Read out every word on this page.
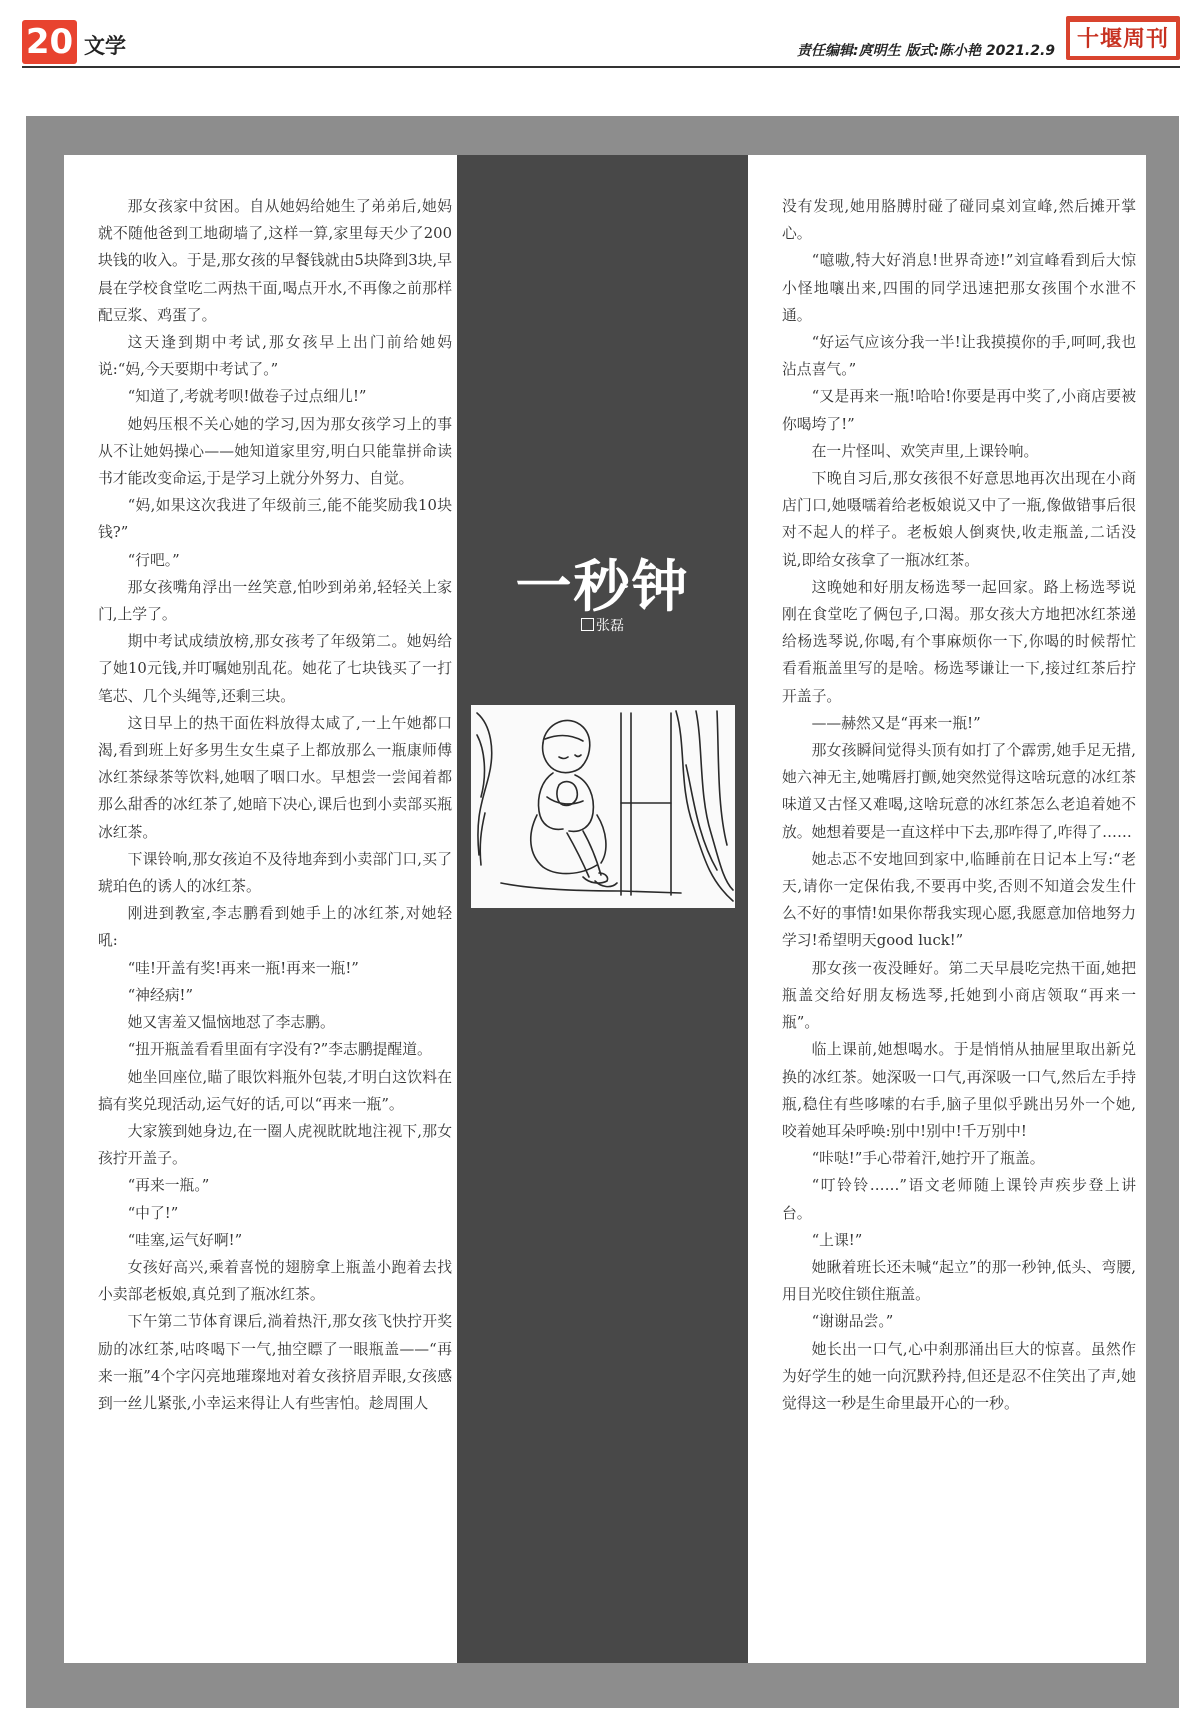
20 文学	责任编辑:庹明生 版式:陈小艳 2021.2.9 十堰周刊

那女孩家中贫困。自从她妈给她生了弟弟后,她妈就不随他爸到工地砌墙了,这样一算,家里每天少了200块钱的收入。于是,那女孩的早餐钱就由5块降到3块,早晨在学校食堂吃二两热干面,喝点开水,不再像之前那样配豆浆、鸡蛋了。

这天逢到期中考试,那女孩早上出门前给她妈说:“妈,今天要期中考试了。”

“知道了,考就考呗!做卷子过点细儿!”

她妈压根不关心她的学习,因为那女孩学习上的事从不让她妈操心——她知道家里穷,明白只能靠拼命读书才能改变命运,于是学习上就分外努力、自觉。

“妈,如果这次我进了年级前三,能不能奖励我10块钱?”

“行吧。”

那女孩嘴角浮出一丝笑意,怕吵到弟弟,轻轻关上家门,上学了。

期中考试成绩放榜,那女孩考了年级第二。她妈给了她10元钱,并叮嘱她别乱花。她花了七块钱买了一打笔芯、几个头绳等,还剩三块。

这日早上的热干面佐料放得太咸了,一上午她都口渴,看到班上好多男生女生桌子上都放那么一瓶康师傅冰红茶绿茶等饮料,她咽了咽口水。早想尝一尝闻着都那么甜香的冰红茶了,她暗下决心,课后也到小卖部买瓶冰红茶。

下课铃响,那女孩迫不及待地奔到小卖部门口,买了琥珀色的诱人的冰红茶。

刚进到教室,李志鹏看到她手上的冰红茶,对她轻吼:

“哇!开盖有奖!再来一瓶!再来一瓶!”

“神经病!”

她又害羞又愠恼地怼了李志鹏。

“扭开瓶盖看看里面有字没有?”李志鹏提醒道。

她坐回座位,瞄了眼饮料瓶外包装,才明白这饮料在搞有奖兑现活动,运气好的话,可以“再来一瓶”。

大家簇到她身边,在一圈人虎视眈眈地注视下,那女孩拧开盖子。

“再来一瓶。”

“中了!”

“哇塞,运气好啊!”

女孩好高兴,乘着喜悦的翅膀拿上瓶盖小跑着去找小卖部老板娘,真兑到了瓶冰红茶。

下午第二节体育课后,淌着热汗,那女孩飞快拧开奖励的冰红茶,咕咚喝下一气,抽空瞟了一眼瓶盖——“再来一瓶”4个字闪亮地璀璨地对着女孩挤眉弄眼,女孩感到一丝儿紧张,小幸运来得让人有些害怕。趁周围人

一秒钟
张磊

没有发现,她用胳膊肘碰了碰同桌刘宣峰,然后摊开掌心。

“噫嗷,特大好消息!世界奇迹!”刘宣峰看到后大惊小怪地嚷出来,四围的同学迅速把那女孩围个水泄不通。

“好运气应该分我一半!让我摸摸你的手,呵呵,我也沾点喜气。”

“又是再来一瓶!哈哈!你要是再中奖了,小商店要被你喝垮了!”

在一片怪叫、欢笑声里,上课铃响。

下晚自习后,那女孩很不好意思地再次出现在小商店门口,她嗫嚅着给老板娘说又中了一瓶,像做错事后很对不起人的样子。老板娘人倒爽快,收走瓶盖,二话没说,即给女孩拿了一瓶冰红茶。

这晚她和好朋友杨选琴一起回家。路上杨选琴说刚在食堂吃了俩包子,口渴。那女孩大方地把冰红茶递给杨选琴说,你喝,有个事麻烦你一下,你喝的时候帮忙看看瓶盖里写的是啥。杨选琴谦让一下,接过红茶后拧开盖子。

——赫然又是“再来一瓶!”

那女孩瞬间觉得头顶有如打了个霹雳,她手足无措,她六神无主,她嘴唇打颤,她突然觉得这啥玩意的冰红茶味道又古怪又难喝,这啥玩意的冰红茶怎么老追着她不放。她想着要是一直这样中下去,那咋得了,咋得了……

她忐忑不安地回到家中,临睡前在日记本上写:“老天,请你一定保佑我,不要再中奖,否则不知道会发生什么不好的事情!如果你帮我实现心愿,我愿意加倍地努力学习!希望明天good luck!”

那女孩一夜没睡好。第二天早晨吃完热干面,她把瓶盖交给好朋友杨选琴,托她到小商店领取“再来一瓶”。

临上课前,她想喝水。于是悄悄从抽屉里取出新兑换的冰红茶。她深吸一口气,再深吸一口气,然后左手持瓶,稳住有些哆嗦的右手,脑子里似乎跳出另外一个她,咬着她耳朵呼唤:别中!别中!千万别中!

“咔哒!”手心带着汗,她拧开了瓶盖。

“叮铃铃……”语文老师随上课铃声疾步登上讲台。

“上课!”

她瞅着班长还未喊“起立”的那一秒钟,低头、弯腰,用目光咬住锁住瓶盖。

“谢谢品尝。”

她长出一口气,心中刹那涌出巨大的惊喜。虽然作为好学生的她一向沉默矜持,但还是忍不住笑出了声,她觉得这一秒是生命里最开心的一秒。
